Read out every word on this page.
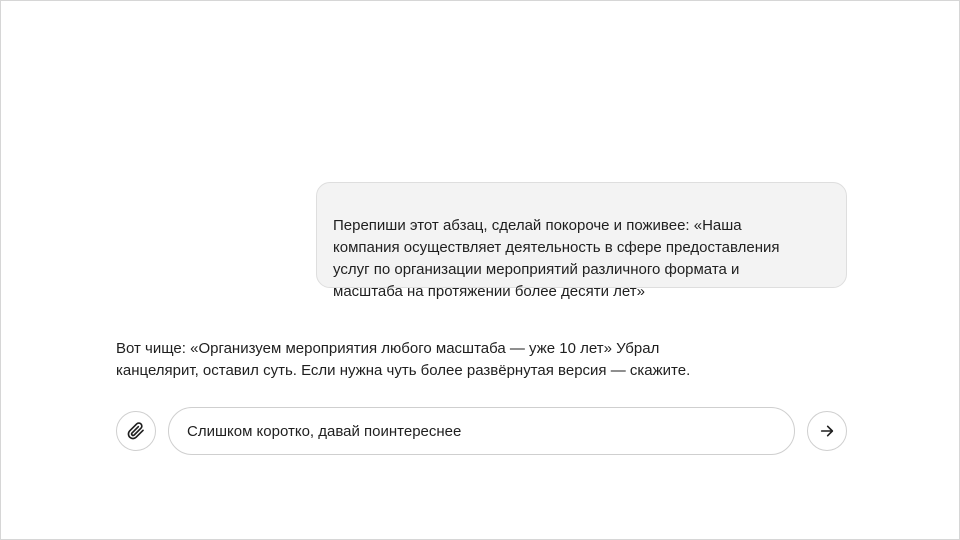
Перепиши этот абзац, сделай покороче и поживее: «Наша
компания осуществляет деятельность в сфере предоставления
услуг по организации мероприятий различного формата и
масштаба на протяжении более десяти лет»

Вот чище: «Организуем мероприятия любого масштаба — уже 10 лет» Убрал
канцелярит, оставил суть. Если нужна чуть более развёрнутая версия — скажите.

Слишком коротко, давай поинтереснее
